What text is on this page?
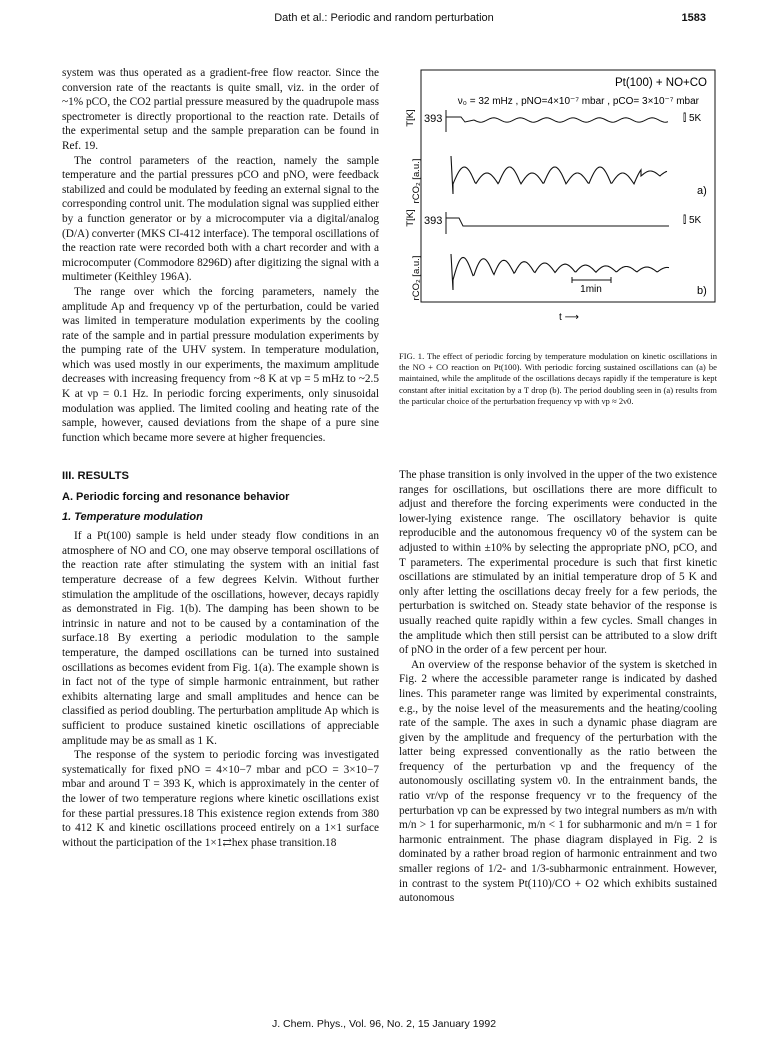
Dath et al.: Periodic and random perturbation	1583

system was thus operated as a gradient-free flow reactor. Since the conversion rate of the reactants is quite small, viz. in the order of ~1% pCO, the CO2 partial pressure measured by the quadrupole mass spectrometer is directly proportional to the reaction rate. Details of the experimental setup and the sample preparation can be found in Ref. 19.

The control parameters of the reaction, namely the sample temperature and the partial pressures pCO and pNO, were feedback stabilized and could be modulated by feeding an external signal to the corresponding control unit. The modulation signal was supplied either by a function generator or by a microcomputer via a digital/analog (D/A) converter (MKS CI-412 interface). The temporal oscillations of the reaction rate were recorded both with a chart recorder and with a microcomputer (Commodore 8296D) after digitizing the signal with a multimeter (Keithley 196A).

The range over which the forcing parameters, namely the amplitude Ap and frequency νp of the perturbation, could be varied was limited in temperature modulation experiments by the cooling rate of the sample and in partial pressure modulation experiments by the pumping rate of the UHV system. In temperature modulation, which was used mostly in our experiments, the maximum amplitude decreases with increasing frequency from ~8 K at νp = 5 mHz to ~2.5 K at νp = 0.1 Hz. In periodic forcing experiments, only sinusoidal modulation was applied. The limited cooling and heating rate of the sample, however, caused deviations from the shape of a pure sine function which became more severe at higher frequencies.

III. RESULTS
A. Periodic forcing and resonance behavior
1. Temperature modulation

If a Pt(100) sample is held under steady flow conditions in an atmosphere of NO and CO, one may observe temporal oscillations of the reaction rate after stimulating the system with an initial fast temperature decrease of a few degrees Kelvin. Without further stimulation the amplitude of the oscillations, however, decays rapidly as demonstrated in Fig. 1(b). The damping has been shown to be intrinsic in nature and not to be caused by a contamination of the surface.18 By exerting a periodic modulation to the sample temperature, the damped oscillations can be turned into sustained oscillations as becomes evident from Fig. 1(a). The example shown is in fact not of the type of simple harmonic entrainment, but rather exhibits alternating large and small amplitudes and hence can be classified as period doubling. The perturbation amplitude Ap which is sufficient to produce sustained kinetic oscillations of appreciable amplitude may be as small as 1 K.

The response of the system to periodic forcing was investigated systematically for fixed pNO = 4×10−7 mbar and pCO = 3×10−7 mbar and around T = 393 K, which is approximately in the center of the lower of two temperature regions where kinetic oscillations exist for these partial pressures.18 This existence region extends from 380 to 412 K and kinetic oscillations proceed entirely on a 1×1 surface without the participation of the 1×1⇄hex phase transition.18

Pt(100) + NO+CO
ν₀ = 32 mHz , pNO=4×10⁻⁷ mbar , pCO= 3×10⁻⁷ mbar
T[K] 393	⫿ 5K
rCO₂ [a.u.]	a)
T[K] 393	⫿ 5K
rCO₂ [a.u.]	b)
1min
t ⟶
FIG. 1. The effect of periodic forcing by temperature modulation on kinetic oscillations in the NO + CO reaction on Pt(100). With periodic forcing sustained oscillations can (a) be maintained, while the amplitude of the oscillations decays rapidly if the temperature is kept constant after initial excitation by a T drop (b). The period doubling seen in (a) results from the particular choice of the perturbation frequency νp with νp ≈ 2ν0.

The phase transition is only involved in the upper of the two existence ranges for oscillations, but oscillations there are more difficult to adjust and therefore the forcing experiments were conducted in the lower-lying existence range. The oscillatory behavior is quite reproducible and the autonomous frequency ν0 of the system can be adjusted to within ±10% by selecting the appropriate pNO, pCO, and T parameters. The experimental procedure is such that first kinetic oscillations are stimulated by an initial temperature drop of 5 K and only after letting the oscillations decay freely for a few periods, the perturbation is switched on. Steady state behavior of the response is usually reached quite rapidly within a few cycles. Small changes in the amplitude which then still persist can be attributed to a slow drift of pNO in the order of a few percent per hour.

An overview of the response behavior of the system is sketched in Fig. 2 where the accessible parameter range is indicated by dashed lines. This parameter range was limited by experimental constraints, e.g., by the noise level of the measurements and the heating/cooling rate of the sample. The axes in such a dynamic phase diagram are given by the amplitude and frequency of the perturbation with the latter being expressed conventionally as the ratio between the frequency of the perturbation νp and the frequency of the autonomously oscillating system ν0. In the entrainment bands, the ratio νr/νp of the response frequency νr to the frequency of the perturbation νp can be expressed by two integral numbers as m/n with m/n > 1 for superharmonic, m/n < 1 for subharmonic and m/n = 1 for harmonic entrainment. The phase diagram displayed in Fig. 2 is dominated by a rather broad region of harmonic entrainment and two smaller regions of 1/2- and 1/3-subharmonic entrainment. However, in contrast to the system Pt(110)/CO + O2 which exhibits sustained autonomous

J. Chem. Phys., Vol. 96, No. 2, 15 January 1992
